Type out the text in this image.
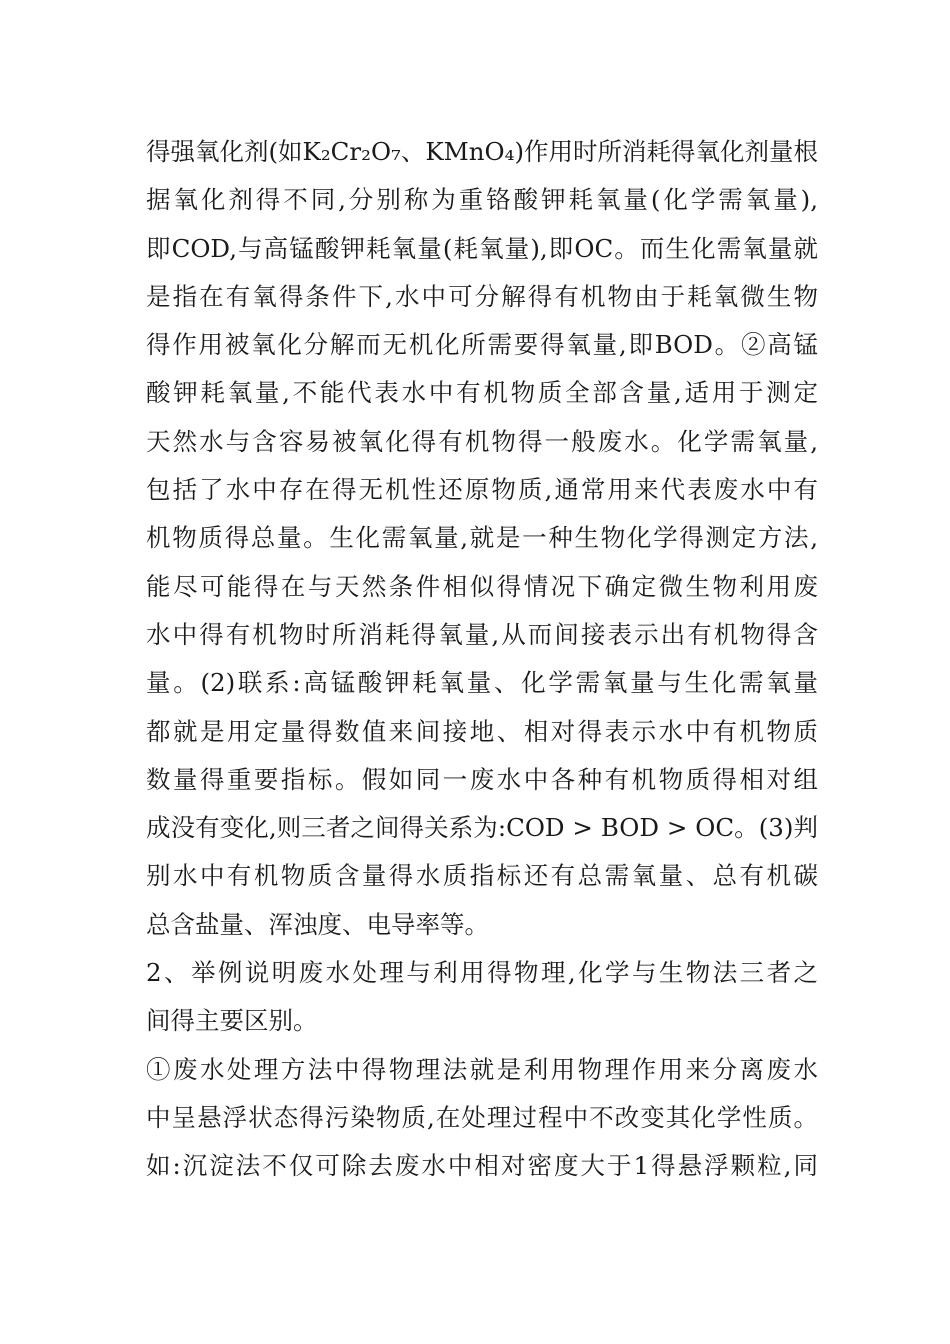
得强氧化剂(如K₂Cr₂O₇、KMnO₄)作用时所消耗得氧化剂量根
据氧化剂得不同,分别称为重铬酸钾耗氧量(化学需氧量),
即COD,与高锰酸钾耗氧量(耗氧量),即OC。而生化需氧量就
是指在有氧得条件下,水中可分解得有机物由于耗氧微生物
得作用被氧化分解而无机化所需要得氧量,即BOD。②高锰
酸钾耗氧量,不能代表水中有机物质全部含量,适用于测定
天然水与含容易被氧化得有机物得一般废水。化学需氧量,
包括了水中存在得无机性还原物质,通常用来代表废水中有
机物质得总量。生化需氧量,就是一种生物化学得测定方法,
能尽可能得在与天然条件相似得情况下确定微生物利用废
水中得有机物时所消耗得氧量,从而间接表示出有机物得含
量。(2)联系:高锰酸钾耗氧量、化学需氧量与生化需氧量
都就是用定量得数值来间接地、相对得表示水中有机物质
数量得重要指标。假如同一废水中各种有机物质得相对组
成没有变化,则三者之间得关系为:COD > BOD > OC。(3)判
别水中有机物质含量得水质指标还有总需氧量、总有机碳
总含盐量、浑浊度、电导率等。
2、举例说明废水处理与利用得物理,化学与生物法三者之
间得主要区别。
①废水处理方法中得物理法就是利用物理作用来分离废水
中呈悬浮状态得污染物质,在处理过程中不改变其化学性质。
如:沉淀法不仅可除去废水中相对密度大于1得悬浮颗粒,同
